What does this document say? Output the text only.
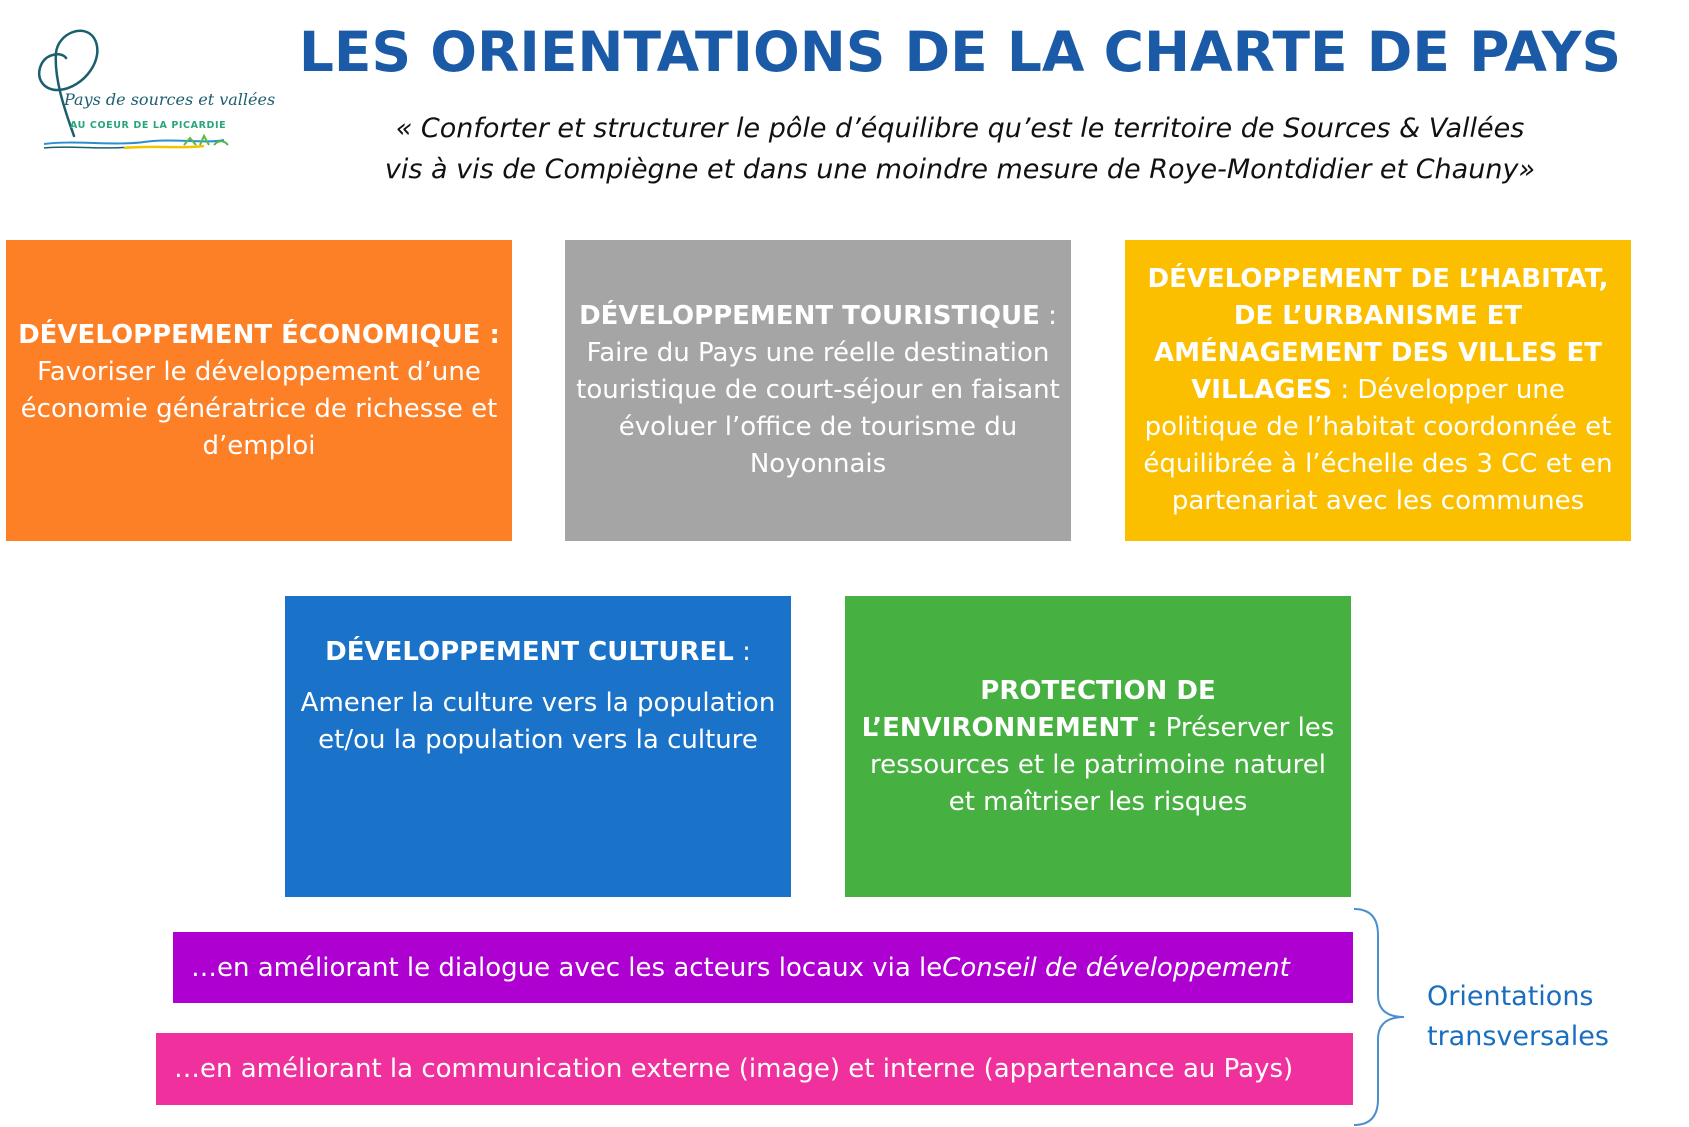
Pays de sources et vallées
AU COEUR DE LA PICARDIE
LES ORIENTATIONS DE LA CHARTE DE PAYS
« Conforter et structurer le pôle d’équilibre qu’est le territoire de Sources & Vallées
vis à vis de Compiègne et dans une moindre mesure de Roye-Montdidier et Chauny»
DÉVELOPPEMENT ÉCONOMIQUE :
Favoriser le développement d’une économie génératrice de richesse et d’emploi
DÉVELOPPEMENT TOURISTIQUE :
Faire du Pays une réelle destination touristique de court-séjour en faisant évoluer l’office de tourisme du Noyonnais
DÉVELOPPEMENT DE L’HABITAT, DE L’URBANISME ET AMÉNAGEMENT DES VILLES ET VILLAGES : Développer une politique de l’habitat coordonnée et équilibrée à l’échelle des 3 CC et en partenariat avec les communes
DÉVELOPPEMENT CULTUREL :
Amener la culture vers la population et/ou la population vers la culture
PROTECTION DE L’ENVIRONNEMENT : Préserver les ressources et le patrimoine naturel et maîtriser les risques
…en améliorant le dialogue avec les acteurs locaux via le Conseil de développement
…en améliorant la communication externe (image) et interne (appartenance au Pays)
Orientations
transversales
